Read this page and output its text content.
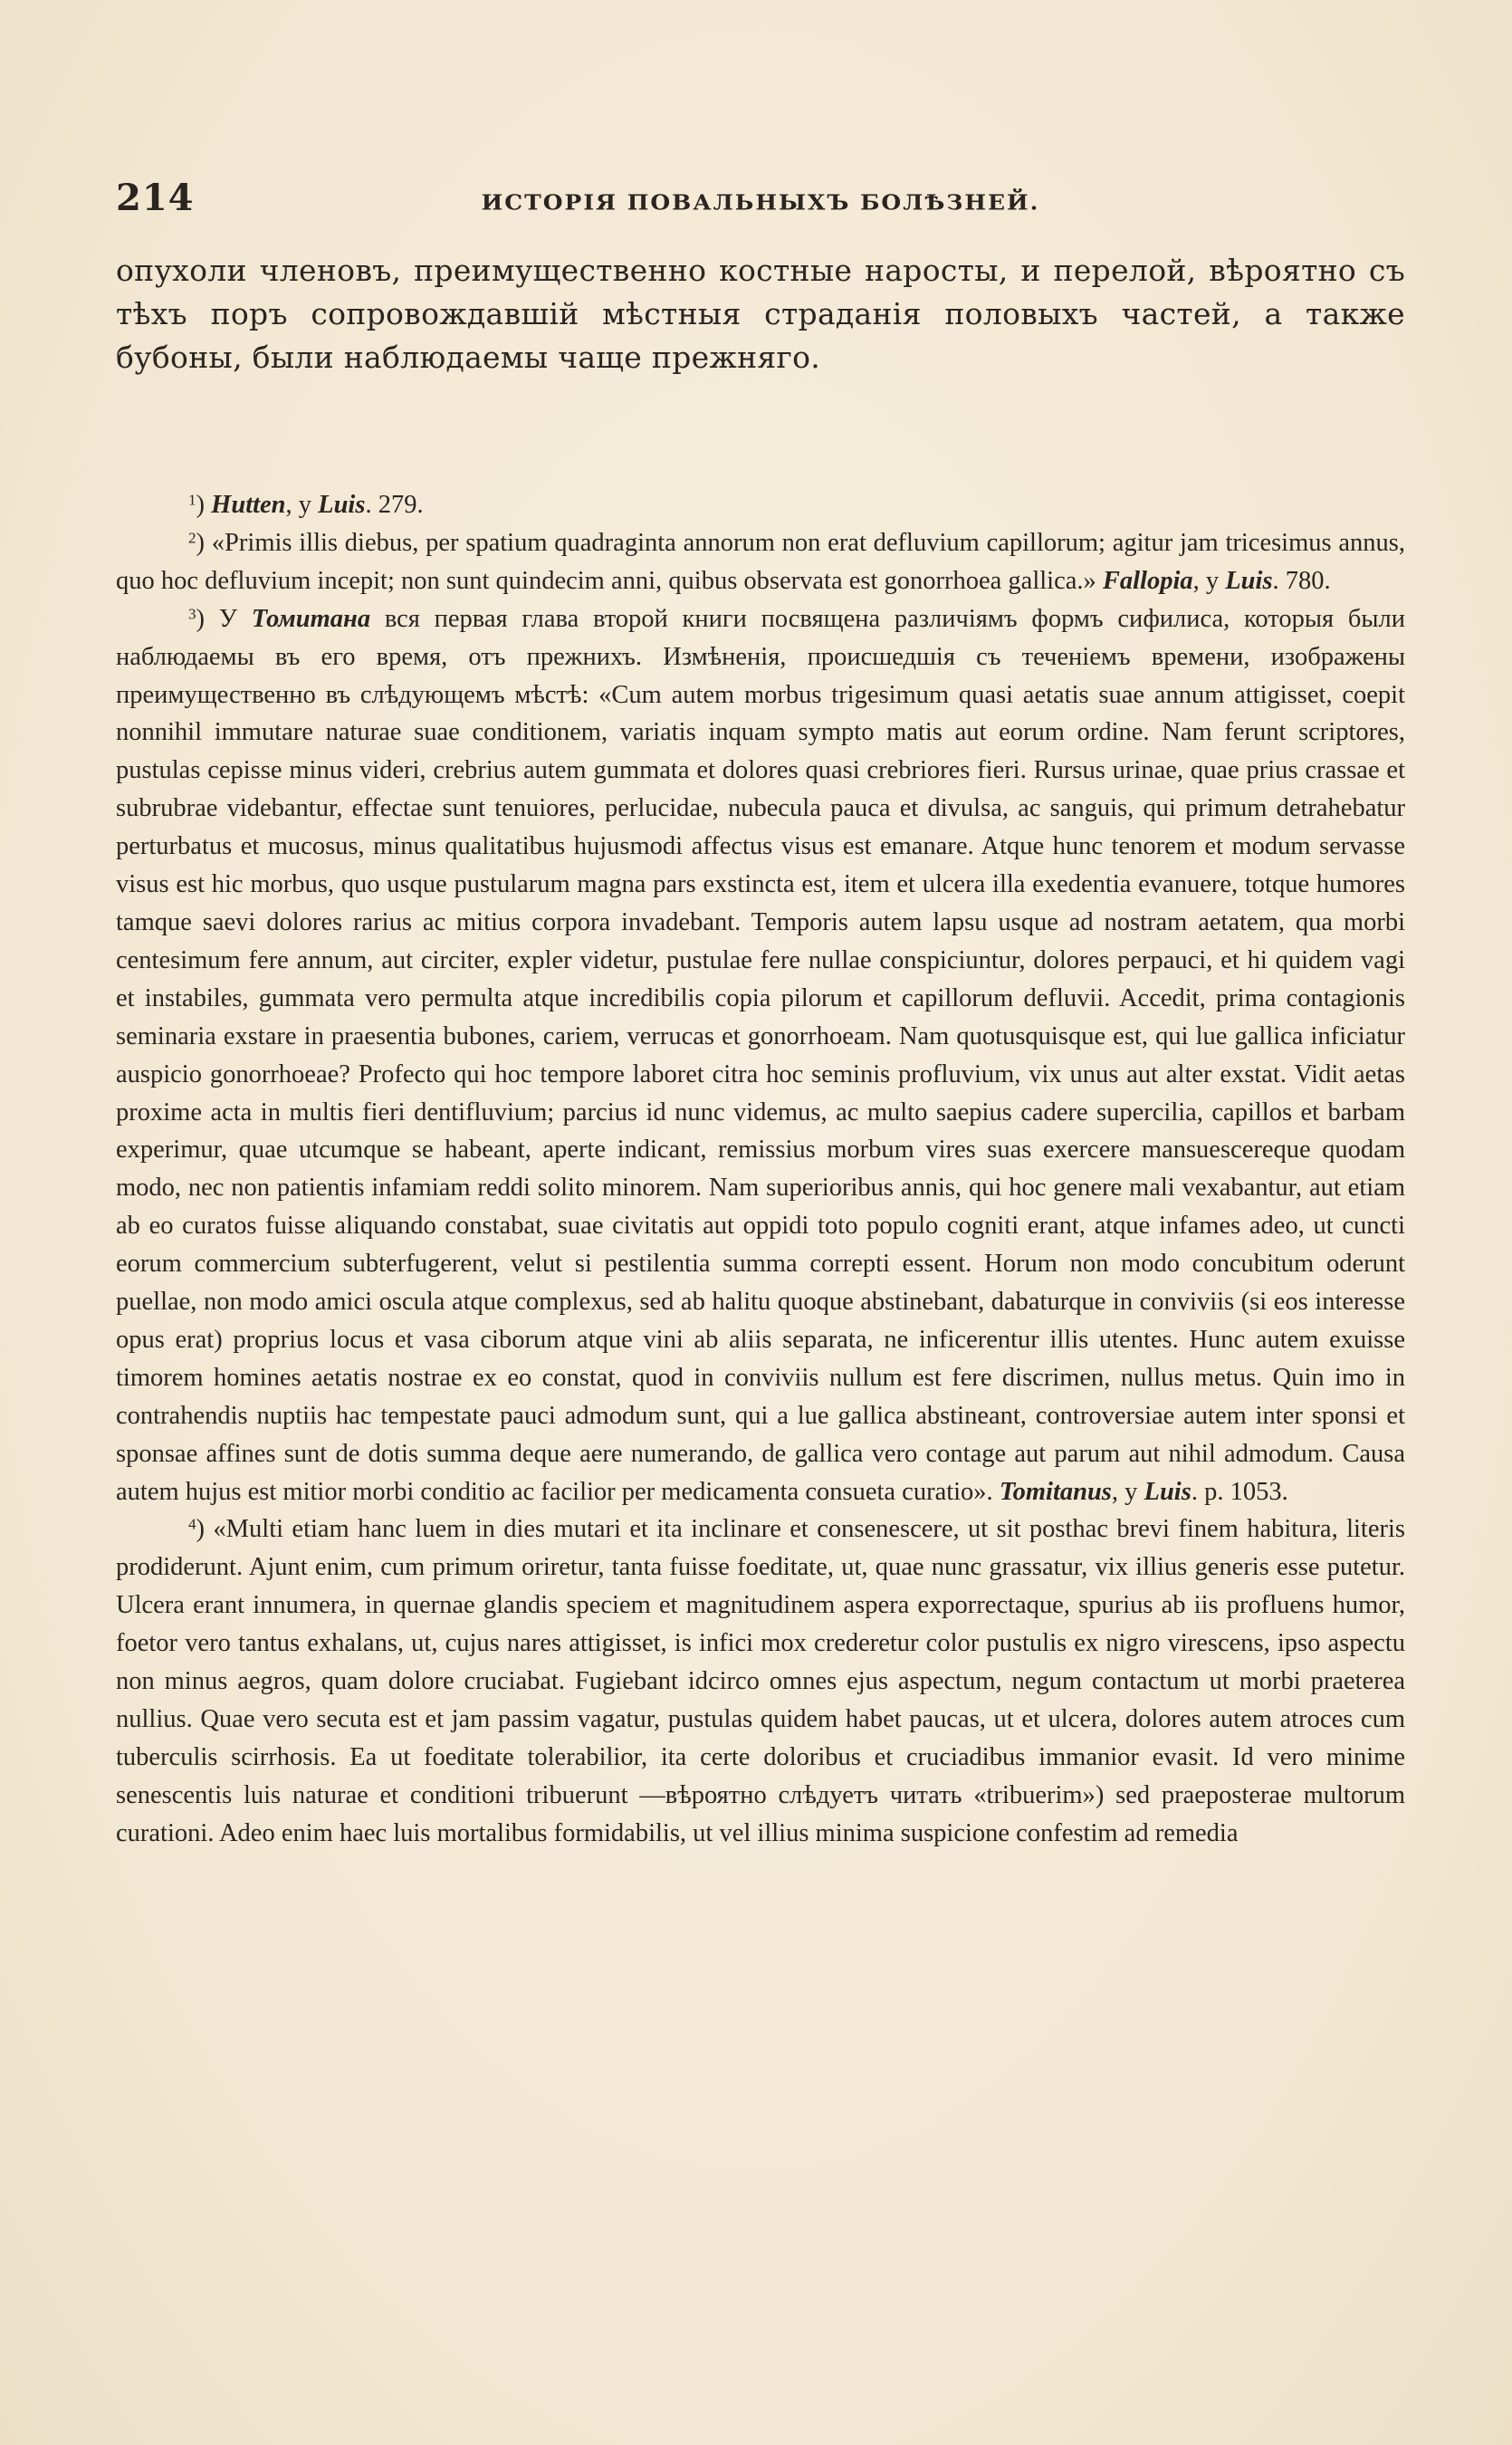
214	ИСТОРІЯ ПОВАЛЬНЫХЪ БОЛѢЗНЕЙ.

опухоли членовъ, преимущественно костные наросты, и перелой, вѣроятно съ тѣхъ поръ сопровождавшій мѣстныя страданія половыхъ частей, а также бубоны, были наблюдаемы чаще прежняго.

$^1$) Hutten, у Luis. 279.

$^2$) «Primis illis diebus, per spatium quadraginta annorum non erat defluvium capillorum; agitur jam tricesimus annus, quo hoc defluvium incepit; non sunt quindecim anni, quibus observata est gonorrhoea gallica.» Fallopia, у Luis. 780.

$^3$) У Томитана вся первая глава второй книги посвящена различіямъ формъ сифилиса, которыя были наблюдаемы въ его время, отъ прежнихъ. Измѣненія, происшедшія съ теченіемъ времени, изображены преимущественно въ слѣдующемъ мѣстѣ: «Cum autem morbus trigesimum quasi aetatis suae annum attigisset, coepit nonnihil immutare naturae suae conditionem, variatis inquam sympto matis aut eorum ordine. Nam ferunt scriptores, pustulas cepisse minus videri, crebrius autem gummata et dolores quasi crebriores fieri. Rursus urinae, quae prius crassae et subrubrae videbantur, effectae sunt tenuiores, perlucidae, nubecula pauca et divulsa, ac sanguis, qui primum detrahebatur perturbatus et mucosus, minus qualitatibus hujusmodi affectus visus est emanare. Atque hunc tenorem et modum servasse visus est hic morbus, quo usque pustularum magna pars exstincta est, item et ulcera illa exedentia evanuere, totque humores tamque saevi dolores rarius ac mitius corpora invadebant. Temporis autem lapsu usque ad nostram aetatem, qua morbi centesimum fere annum, aut circiter, expler videtur, pustulae fere nullae conspiciuntur, dolores perpauci, et hi quidem vagi et instabiles, gummata vero permulta atque incredibilis copia pilorum et capillorum defluvii. Accedit, prima contagionis seminaria exstare in praesentia bubones, cariem, verrucas et gonorrhoeam. Nam quotusquisque est, qui lue gallica inficiatur auspicio gonorrhoeae? Profecto qui hoc tempore laboret citra hoc seminis profluvium, vix unus aut alter exstat. Vidit aetas proxime acta in multis fieri dentifluvium; parcius id nunc videmus, ac multo saepius cadere supercilia, capillos et barbam experimur, quae utcumque se habeant, aperte indicant, remissius morbum vires suas exercere mansuescereque quodam modo, nec non patientis infamiam reddi solito minorem. Nam superioribus annis, qui hoc genere mali vexabantur, aut etiam ab eo curatos fuisse aliquando constabat, suae civitatis aut oppidi toto populo cogniti erant, atque infames adeo, ut cuncti eorum commercium subterfugerent, velut si pestilentia summa correpti essent. Horum non modo concubitum oderunt puellae, non modo amici oscula atque complexus, sed ab halitu quoque abstinebant, dabaturque in conviviis (si eos interesse opus erat) proprius locus et vasa ciborum atque vini ab aliis separata, ne inficerentur illis utentes. Hunc autem exuisse timorem homines aetatis nostrae ex eo constat, quod in conviviis nullum est fere discrimen, nullus metus. Quin imo in contrahendis nuptiis hac tempestate pauci admodum sunt, qui a lue gallica abstineant, controversiae autem inter sponsi et sponsae affines sunt de dotis summa deque aere numerando, de gallica vero contage aut parum aut nihil admodum. Causa autem hujus est mitior morbi conditio ac facilior per medicamenta consueta curatio». Tomitanus, у Luis. p. 1053.

$^4$) «Multi etiam hanc luem in dies mutari et ita inclinare et consenescere, ut sit posthac brevi finem habitura, literis prodiderunt. Ajunt enim, cum primum oriretur, tanta fuisse foeditate, ut, quae nunc grassatur, vix illius generis esse putetur. Ulcera erant innumera, in quernae glandis speciem et magnitudinem aspera exporrectaque, spurius ab iis profluens humor, foetor vero tantus exhalans, ut, cujus nares attigisset, is infici mox crederetur color pustulis ex nigro virescens, ipso aspectu non minus aegros, quam dolore cruciabat. Fugiebant idcirco omnes ejus aspectum, negum contactum ut morbi praeterea nullius. Quae vero secuta est et jam passim vagatur, pustulas quidem habet paucas, ut et ulcera, dolores autem atroces cum tuberculis scirrhosis. Ea ut foeditate tolerabilior, ita certe doloribus et cruciadibus immanior evasit. Id vero minime senescentis luis naturae et conditioni tribuerunt —вѣроятно слѣдуетъ читать «tribuerim») sed praeposterae multorum curationi. Adeo enim haec luis mortalibus formidabilis, ut vel illius minima suspicione confestim ad remedia
